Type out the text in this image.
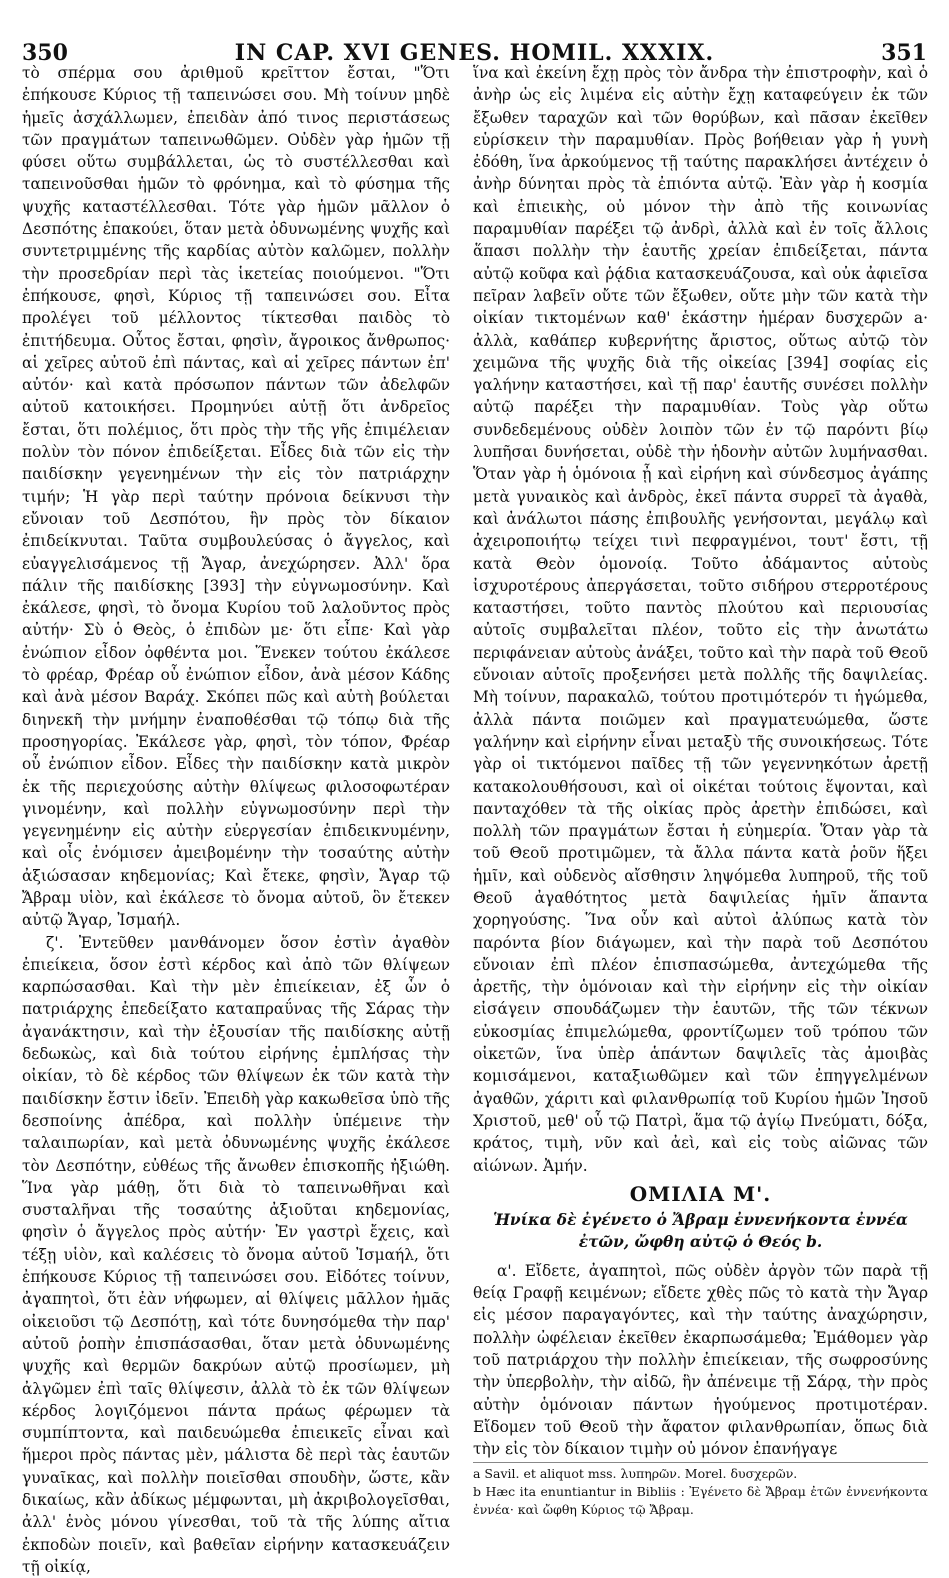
350	IN CAP. XVI GENES. HOMIL. XXXIX.	351

τὸ σπέρμα σου ἀριθμοῦ κρεῖττον ἔσται, "Ὅτι ἐπήκουσε Κύριος τῇ ταπεινώσει σου. Μὴ τοίνυν μηδὲ ἡμεῖς ἀσχάλλωμεν, ἐπειδὰν ἀπό τινος περιστάσεως τῶν πραγμάτων ταπεινωθῶμεν. Οὐδὲν γὰρ ἡμῶν τῇ φύσει οὕτω συμβάλλεται, ὡς τὸ συστέλλεσθαι καὶ ταπεινοῦσθαι ἡμῶν τὸ φρόνημα, καὶ τὸ φύσημα τῆς ψυχῆς καταστέλλεσθαι. Τότε γὰρ ἡμῶν μᾶλλον ὁ Δεσπότης ἐπακούει, ὅταν μετὰ ὀδυνωμένης ψυχῆς καὶ συντετριμμένης τῆς καρδίας αὐτὸν καλῶμεν, πολλὴν τὴν προσεδρίαν περὶ τὰς ἱκετείας ποιούμενοι. "Ὅτι ἐπήκουσε, φησὶ, Κύριος τῇ ταπεινώσει σου. Εἶτα προλέγει τοῦ μέλλοντος τίκτεσθαι παιδὸς τὸ ἐπιτήδευμα. Οὗτος ἔσται, φησὶν, ἄγροικος ἄνθρωπος· αἱ χεῖρες αὐτοῦ ἐπὶ πάντας, καὶ αἱ χεῖρες πάντων ἐπ' αὐτόν· καὶ κατὰ πρόσωπον πάντων τῶν ἀδελφῶν αὐτοῦ κατοικήσει. Προμηνύει αὐτῇ ὅτι ἀνδρεῖος ἔσται, ὅτι πολέμιος, ὅτι πρὸς τὴν τῆς γῆς ἐπιμέλειαν πολὺν τὸν πόνον ἐπιδείξεται. Εἶδες διὰ τῶν εἰς τὴν παιδίσκην γεγενημένων τὴν εἰς τὸν πατριάρχην τιμήν; Ἡ γὰρ περὶ ταύτην πρόνοια δείκνυσι τὴν εὔνοιαν τοῦ Δεσπότου, ἣν πρὸς τὸν δίκαιον ἐπιδείκνυται. Ταῦτα συμβουλεύσας ὁ ἄγγελος, καὶ εὐαγγελισάμενος τῇ Ἄγαρ, ἀνεχώρησεν. Ἀλλ' ὅρα πάλιν τῆς παιδίσκης [393] τὴν εὐγνωμοσύνην. Καὶ ἐκάλεσε, φησὶ, τὸ ὄνομα Κυρίου τοῦ λαλοῦντος πρὸς αὐτήν· Σὺ ὁ Θεὸς, ὁ ἐπιδὼν με· ὅτι εἶπε· Καὶ γὰρ ἐνώπιον εἶδον ὀφθέντα μοι. Ἕνεκεν τούτου ἐκάλεσε τὸ φρέαρ, Φρέαρ οὗ ἐνώπιον εἶδον, ἀνὰ μέσον Κάδης καὶ ἀνὰ μέσον Βαράχ. Σκόπει πῶς καὶ αὐτὴ βούλεται διηνεκῆ τὴν μνήμην ἐναποθέσθαι τῷ τόπῳ διὰ τῆς προσηγορίας. Ἐκάλεσε γὰρ, φησὶ, τὸν τόπον, Φρέαρ οὗ ἐνώπιον εἶδον. Εἶδες τὴν παιδίσκην κατὰ μικρὸν ἐκ τῆς περιεχούσης αὐτὴν θλίψεως φιλοσοφωτέραν γινομένην, καὶ πολλὴν εὐγνωμοσύνην περὶ τὴν γεγενημένην εἰς αὐτὴν εὐεργεσίαν ἐπιδεικνυμένην, καὶ οἷς ἐνόμισεν ἀμειβομένην τὴν τοσαύτης αὐτὴν ἀξιώσασαν κηδεμονίας; Καὶ ἔτεκε, φησὶν, Ἄγαρ τῷ Ἄβραμ υἱὸν, καὶ ἐκάλεσε τὸ ὄνομα αὐτοῦ, ὃν ἔτεκεν αὐτῷ Ἄγαρ, Ἰσμαήλ.

ζ'. Ἐντεῦθεν μανθάνομεν ὅσον ἐστὶν ἀγαθὸν ἐπιείκεια, ὅσον ἐστὶ κέρδος καὶ ἀπὸ τῶν θλίψεων καρπώσασθαι. Καὶ τὴν μὲν ἐπιείκειαν, ἐξ ὧν ὁ πατριάρχης ἐπεδείξατο καταπραΰνας τῆς Σάρας τὴν ἀγανάκτησιν, καὶ τὴν ἐξουσίαν τῆς παιδίσκης αὐτῇ δεδωκὼς, καὶ διὰ τούτου εἰρήνης ἐμπλήσας τὴν οἰκίαν, τὸ δὲ κέρδος τῶν θλίψεων ἐκ τῶν κατὰ τὴν παιδίσκην ἔστιν ἰδεῖν. Ἐπειδὴ γὰρ κακωθεῖσα ὑπὸ τῆς δεσποίνης ἀπέδρα, καὶ πολλὴν ὑπέμεινε τὴν ταλαιπωρίαν, καὶ μετὰ ὀδυνωμένης ψυχῆς ἐκάλεσε τὸν Δεσπότην, εὐθέως τῆς ἄνωθεν ἐπισκοπῆς ἠξιώθη. Ἵνα γὰρ μάθῃ, ὅτι διὰ τὸ ταπεινωθῆναι καὶ συσταλῆναι τῆς τοσαύτης ἀξιοῦται κηδεμονίας, φησὶν ὁ ἄγγελος πρὸς αὐτήν· Ἐν γαστρὶ ἔχεις, καὶ τέξῃ υἱὸν, καὶ καλέσεις τὸ ὄνομα αὐτοῦ Ἰσμαήλ, ὅτι ἐπήκουσε Κύριος τῇ ταπεινώσει σου. Εἰδότες τοίνυν, ἀγαπητοὶ, ὅτι ἐὰν νήφωμεν, αἱ θλίψεις μᾶλλον ἡμᾶς οἰκειοῦσι τῷ Δεσπότῃ, καὶ τότε δυνησόμεθα τὴν παρ' αὐτοῦ ῥοπὴν ἐπισπάσασθαι, ὅταν μετὰ ὀδυνωμένης ψυχῆς καὶ θερμῶν δακρύων αὐτῷ προσίωμεν, μὴ ἀλγῶμεν ἐπὶ ταῖς θλίψεσιν, ἀλλὰ τὸ ἐκ τῶν θλίψεων κέρδος λογιζόμενοι πάντα πράως φέρωμεν τὰ συμπίπτοντα, καὶ παιδευώμεθα ἐπιεικεῖς εἶναι καὶ ἥμεροι πρὸς πάντας μὲν, μάλιστα δὲ περὶ τὰς ἑαυτῶν γυναῖκας, καὶ πολλὴν ποιεῖσθαι σπουδὴν, ὥστε, κἂν δικαίως, κἂν ἀδίκως μέμφωνται, μὴ ἀκριβολογεῖσθαι, ἀλλ' ἑνὸς μόνου γίνεσθαι, τοῦ τὰ τῆς λύπης αἴτια ἐκποδὼν ποιεῖν, καὶ βαθεῖαν εἰρήνην κατασκευάζειν τῇ οἰκίᾳ,

ἵνα καὶ ἐκείνη ἔχῃ πρὸς τὸν ἄνδρα τὴν ἐπιστροφὴν, καὶ ὁ ἀνὴρ ὡς εἰς λιμένα εἰς αὐτὴν ἔχῃ καταφεύγειν ἐκ τῶν ἔξωθεν ταραχῶν καὶ τῶν θορύβων, καὶ πᾶσαν ἐκεῖθεν εὑρίσκειν τὴν παραμυθίαν. Πρὸς βοήθειαν γὰρ ἡ γυνὴ ἐδόθη, ἵνα ἀρκούμενος τῇ ταύτης παρακλήσει ἀντέχειν ὁ ἀνὴρ δύνηται πρὸς τὰ ἐπιόντα αὐτῷ. Ἐὰν γὰρ ἡ κοσμία καὶ ἐπιεικὴς, οὐ μόνον τὴν ἀπὸ τῆς κοινωνίας παραμυθίαν παρέξει τῷ ἀνδρὶ, ἀλλὰ καὶ ἐν τοῖς ἄλλοις ἅπασι πολλὴν τὴν ἑαυτῆς χρείαν ἐπιδείξεται, πάντα αὐτῷ κοῦφα καὶ ῥᾴδια κατασκευάζουσα, καὶ οὐκ ἀφιεῖσα πεῖραν λαβεῖν οὔτε τῶν ἔξωθεν, οὔτε μὴν τῶν κατὰ τὴν οἰκίαν τικτομένων καθ' ἑκάστην ἡμέραν δυσχερῶν a· ἀλλὰ, καθάπερ κυβερνήτης ἄριστος, οὕτως αὐτῷ τὸν χειμῶνα τῆς ψυχῆς διὰ τῆς οἰκείας [394] σοφίας εἰς γαλήνην καταστήσει, καὶ τῇ παρ' ἑαυτῆς συνέσει πολλὴν αὐτῷ παρέξει τὴν παραμυθίαν. Τοὺς γὰρ οὕτω συνδεδεμένους οὐδὲν λοιπὸν τῶν ἐν τῷ παρόντι βίῳ λυπῆσαι δυνήσεται, οὐδὲ τὴν ἡδονὴν αὐτῶν λυμήνασθαι. Ὅταν γὰρ ἡ ὁμόνοια ᾖ καὶ εἰρήνη καὶ σύνδεσμος ἀγάπης μετὰ γυναικὸς καὶ ἀνδρὸς, ἐκεῖ πάντα συρρεῖ τὰ ἀγαθὰ, καὶ ἀνάλωτοι πάσης ἐπιβουλῆς γενήσονται, μεγάλῳ καὶ ἀχειροποιήτῳ τείχει τινὶ πεφραγμένοι, τουτ' ἔστι, τῇ κατὰ Θεὸν ὁμονοίᾳ. Τοῦτο ἀδάμαντος αὐτοὺς ἰσχυροτέρους ἀπεργάσεται, τοῦτο σιδήρου στερροτέρους καταστήσει, τοῦτο παντὸς πλούτου καὶ περιουσίας αὐτοῖς συμβαλεῖται πλέον, τοῦτο εἰς τὴν ἀνωτάτω περιφάνειαν αὐτοὺς ἀνάξει, τοῦτο καὶ τὴν παρὰ τοῦ Θεοῦ εὔνοιαν αὐτοῖς προξενήσει μετὰ πολλῆς τῆς δαψιλείας. Μὴ τοίνυν, παρακαλῶ, τούτου προτιμότερόν τι ἡγώμεθα, ἀλλὰ πάντα ποιῶμεν καὶ πραγματευώμεθα, ὥστε γαλήνην καὶ εἰρήνην εἶναι μεταξὺ τῆς συνοικήσεως. Τότε γὰρ οἱ τικτόμενοι παῖδες τῇ τῶν γεγεννηκότων ἀρετῇ κατακολουθήσουσι, καὶ οἱ οἰκέται τούτοις ἕψονται, καὶ πανταχόθεν τὰ τῆς οἰκίας πρὸς ἀρετὴν ἐπιδώσει, καὶ πολλὴ τῶν πραγμάτων ἔσται ἡ εὐημερία. Ὅταν γὰρ τὰ τοῦ Θεοῦ προτιμῶμεν, τὰ ἄλλα πάντα κατὰ ῥοῦν ἥξει ἡμῖν, καὶ οὐδενὸς αἴσθησιν ληψόμεθα λυπηροῦ, τῆς τοῦ Θεοῦ ἀγαθότητος μετὰ δαψιλείας ἡμῖν ἅπαντα χορηγούσης. Ἵνα οὖν καὶ αὐτοὶ ἀλύπως κατὰ τὸν παρόντα βίον διάγωμεν, καὶ τὴν παρὰ τοῦ Δεσπότου εὔνοιαν ἐπὶ πλέον ἐπισπασώμεθα, ἀντεχώμεθα τῆς ἀρετῆς, τὴν ὁμόνοιαν καὶ τὴν εἰρήνην εἰς τὴν οἰκίαν εἰσάγειν σπουδάζωμεν τὴν ἑαυτῶν, τῆς τῶν τέκνων εὐκοσμίας ἐπιμελώμεθα, φροντίζωμεν τοῦ τρόπου τῶν οἰκετῶν, ἵνα ὑπὲρ ἁπάντων δαψιλεῖς τὰς ἀμοιβὰς κομισάμενοι, καταξιωθῶμεν καὶ τῶν ἐπηγγελμένων ἀγαθῶν, χάριτι καὶ φιλανθρωπίᾳ τοῦ Κυρίου ἡμῶν Ἰησοῦ Χριστοῦ, μεθ' οὗ τῷ Πατρὶ, ἅμα τῷ ἁγίῳ Πνεύματι, δόξα, κράτος, τιμὴ, νῦν καὶ ἀεὶ, καὶ εἰς τοὺς αἰῶνας τῶν αἰώνων. Ἀμήν.

ΟΜΙΛΙΑ Μ'.
Ἡνίκα δὲ ἐγένετο ὁ Ἄβραμ ἐννενήκοντα ἐννέα ἐτῶν, ὤφθη αὐτῷ ὁ Θεός b.

α'. Εἴδετε, ἀγαπητοὶ, πῶς οὐδὲν ἀργὸν τῶν παρὰ τῇ θείᾳ Γραφῇ κειμένων; εἴδετε χθὲς πῶς τὸ κατὰ τὴν Ἄγαρ εἰς μέσον παραγαγόντες, καὶ τὴν ταύτης ἀναχώρησιν, πολλὴν ὠφέλειαν ἐκεῖθεν ἐκαρπωσάμεθα; Ἐμάθομεν γὰρ τοῦ πατριάρχου τὴν πολλὴν ἐπιείκειαν, τῆς σωφροσύνης τὴν ὑπερβολὴν, τὴν αἰδῶ, ἣν ἀπένειμε τῇ Σάρᾳ, τὴν πρὸς αὐτὴν ὁμόνοιαν πάντων ἡγούμενος προτιμοτέραν. Εἴδομεν τοῦ Θεοῦ τὴν ἄφατον φιλανθρωπίαν, ὅπως διὰ τὴν εἰς τὸν δίκαιον τιμὴν οὐ μόνον ἐπανήγαγε

a Savil. et aliquot mss. λυπηρῶν. Morel. δυσχερῶν.
b Hæc ita enuntiantur in Bibliis : Ἐγένετο δὲ Ἄβραμ ἐτῶν ἐννενήκοντα ἐννέα· καὶ ὤφθη Κύριος τῷ Ἄβραμ.
